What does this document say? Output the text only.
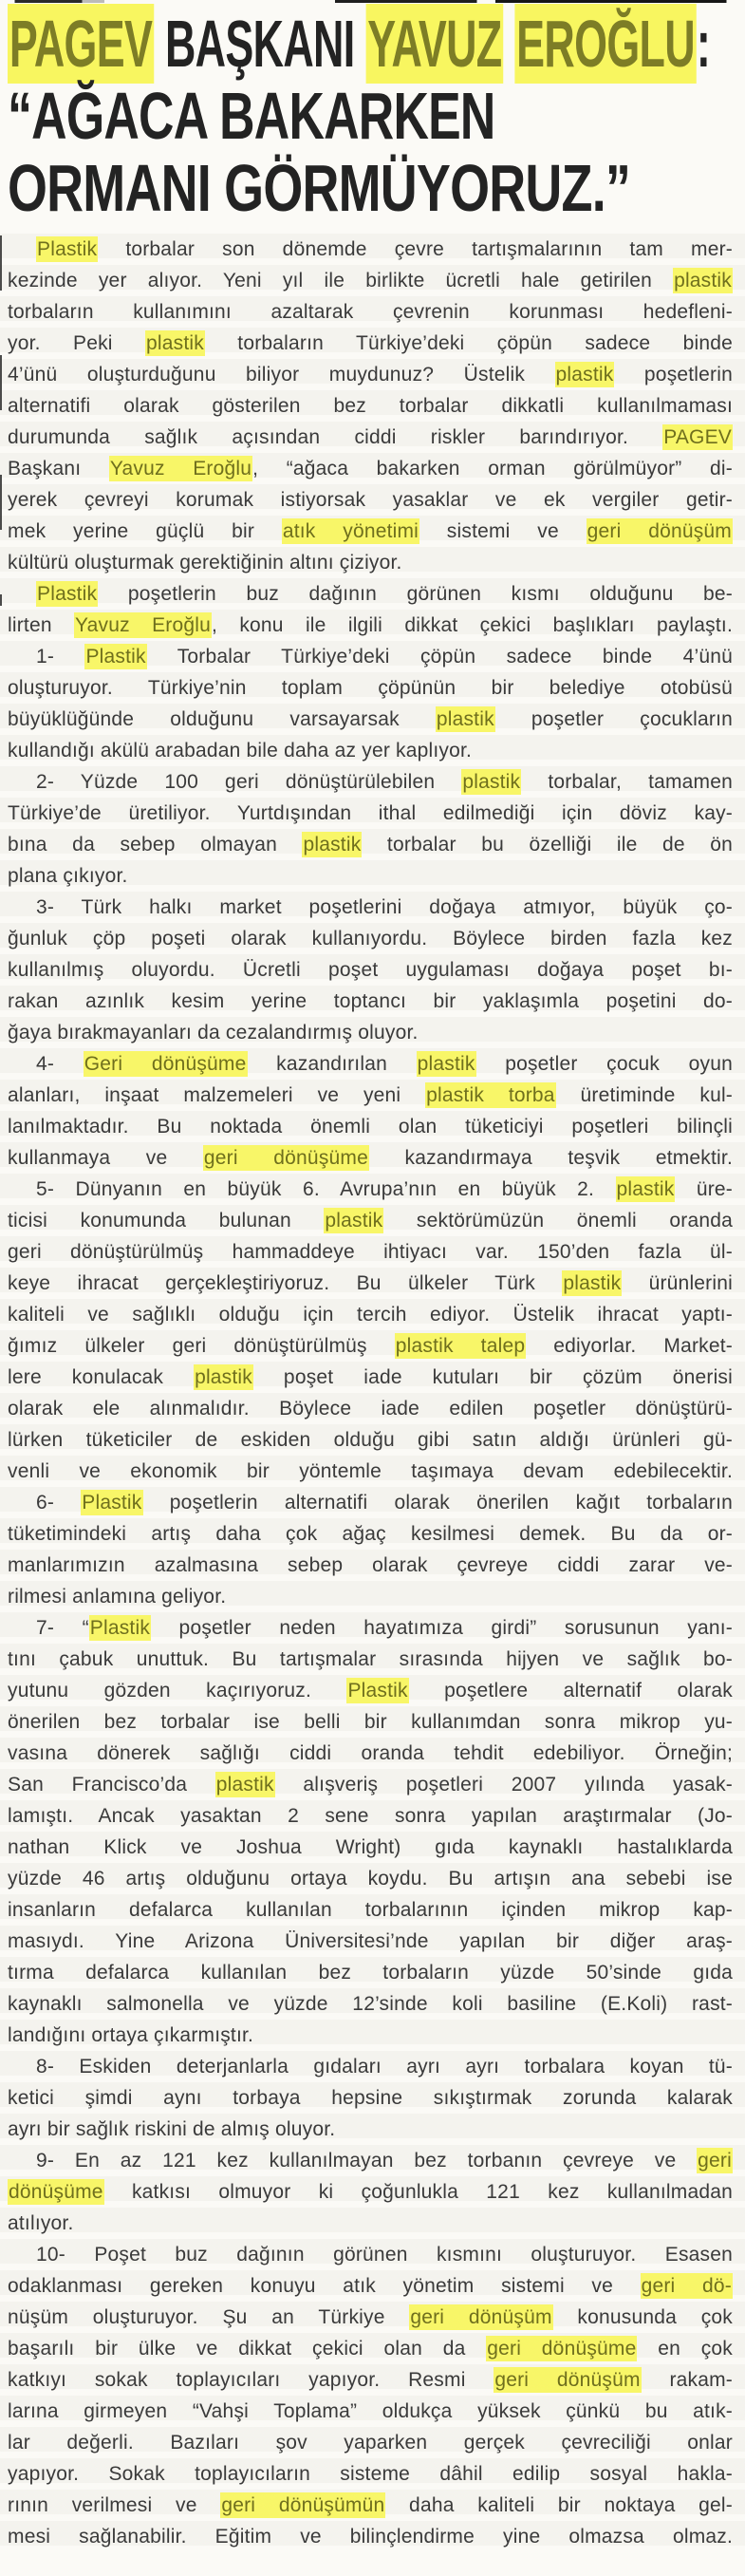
PAGEV BAŞKANI YAVUZ EROĞLU:
“AĞACA BAKARKEN
ORMANI GÖRMÜYORUZ.”
Plastik torbalar son dönemde çevre tartışmalarının tam mer-
kezinde yer alıyor. Yeni yıl ile birlikte ücretli hale getirilen plastik
torbaların kullanımını azaltarak çevrenin korunması hedefleni-
yor. Peki plastik torbaların Türkiye’deki çöpün sadece binde
4’ünü oluşturduğunu biliyor muydunuz? Üstelik plastik poşetlerin
alternatifi olarak gösterilen bez torbalar dikkatli kullanılmaması
durumunda sağlık açısından ciddi riskler barındırıyor. PAGEV
Başkanı Yavuz Eroğlu, “ağaca bakarken orman görülmüyor” di-
yerek çevreyi korumak istiyorsak yasaklar ve ek vergiler getir-
mek yerine güçlü bir atık yönetimi sistemi ve geri dönüşüm
kültürü oluşturmak gerektiğinin altını çiziyor.
Plastik poşetlerin buz dağının görünen kısmı olduğunu be-
lirten Yavuz Eroğlu, konu ile ilgili dikkat çekici başlıkları paylaştı.
1- Plastik Torbalar Türkiye’deki çöpün sadece binde 4’ünü
oluşturuyor. Türkiye’nin toplam çöpünün bir belediye otobüsü
büyüklüğünde olduğunu varsayarsak plastik poşetler çocukların
kullandığı akülü arabadan bile daha az yer kaplıyor.
2- Yüzde 100 geri dönüştürülebilen plastik torbalar, tamamen
Türkiye’de üretiliyor. Yurtdışından ithal edilmediği için döviz kay-
bına da sebep olmayan plastik torbalar bu özelliği ile de ön
plana çıkıyor.
3- Türk halkı market poşetlerini doğaya atmıyor, büyük ço-
ğunluk çöp poşeti olarak kullanıyordu. Böylece birden fazla kez
kullanılmış oluyordu. Ücretli poşet uygulaması doğaya poşet bı-
rakan azınlık kesim yerine toptancı bir yaklaşımla poşetini do-
ğaya bırakmayanları da cezalandırmış oluyor.
4- Geri dönüşüme kazandırılan plastik poşetler çocuk oyun
alanları, inşaat malzemeleri ve yeni plastik torba üretiminde kul-
lanılmaktadır. Bu noktada önemli olan tüketiciyi poşetleri bilinçli
kullanmaya ve geri dönüşüme kazandırmaya teşvik etmektir.
5- Dünyanın en büyük 6. Avrupa’nın en büyük 2. plastik üre-
ticisi konumunda bulunan plastik sektörümüzün önemli oranda
geri dönüştürülmüş hammaddeye ihtiyacı var. 150’den fazla ül-
keye ihracat gerçekleştiriyoruz. Bu ülkeler Türk plastik ürünlerini
kaliteli ve sağlıklı olduğu için tercih ediyor. Üstelik ihracat yaptı-
ğımız ülkeler geri dönüştürülmüş plastik talep ediyorlar. Market-
lere konulacak plastik poşet iade kutuları bir çözüm önerisi
olarak ele alınmalıdır. Böylece iade edilen poşetler dönüştürü-
lürken tüketiciler de eskiden olduğu gibi satın aldığı ürünleri gü-
venli ve ekonomik bir yöntemle taşımaya devam edebilecektir.
6- Plastik poşetlerin alternatifi olarak önerilen kağıt torbaların
tüketimindeki artış daha çok ağaç kesilmesi demek. Bu da or-
manlarımızın azalmasına sebep olarak çevreye ciddi zarar ve-
rilmesi anlamına geliyor.
7- “Plastik poşetler neden hayatımıza girdi” sorusunun yanı-
tını çabuk unuttuk. Bu tartışmalar sırasında hijyen ve sağlık bo-
yutunu gözden kaçırıyoruz. Plastik poşetlere alternatif olarak
önerilen bez torbalar ise belli bir kullanımdan sonra mikrop yu-
vasına dönerek sağlığı ciddi oranda tehdit edebiliyor. Örneğin;
San Francisco’da plastik alışveriş poşetleri 2007 yılında yasak-
lamıştı. Ancak yasaktan 2 sene sonra yapılan araştırmalar (Jo-
nathan Klick ve Joshua Wright) gıda kaynaklı hastalıklarda
yüzde 46 artış olduğunu ortaya koydu. Bu artışın ana sebebi ise
insanların defalarca kullanılan torbalarının içinden mikrop kap-
masıydı. Yine Arizona Üniversitesi’nde yapılan bir diğer araş-
tırma defalarca kullanılan bez torbaların yüzde 50’sinde gıda
kaynaklı salmonella ve yüzde 12’sinde koli basiline (E.Koli) rast-
landığını ortaya çıkarmıştır.
8- Eskiden deterjanlarla gıdaları ayrı ayrı torbalara koyan tü-
ketici şimdi aynı torbaya hepsine sıkıştırmak zorunda kalarak
ayrı bir sağlık riskini de almış oluyor.
9- En az 121 kez kullanılmayan bez torbanın çevreye ve geri
dönüşüme katkısı olmuyor ki çoğunlukla 121 kez kullanılmadan
atılıyor.
10- Poşet buz dağının görünen kısmını oluşturuyor. Esasen
odaklanması gereken konuyu atık yönetim sistemi ve geri dö-
nüşüm oluşturuyor. Şu an Türkiye geri dönüşüm konusunda çok
başarılı bir ülke ve dikkat çekici olan da geri dönüşüme en çok
katkıyı sokak toplayıcıları yapıyor. Resmi geri dönüşüm rakam-
larına girmeyen “Vahşi Toplama” oldukça yüksek çünkü bu atık-
lar değerli. Bazıları şov yaparken gerçek çevreciliği onlar
yapıyor. Sokak toplayıcıların sisteme dâhil edilip sosyal hakla-
rının verilmesi ve geri dönüşümün daha kaliteli bir noktaya gel-
mesi sağlanabilir. Eğitim ve bilinçlendirme yine olmazsa olmaz.
